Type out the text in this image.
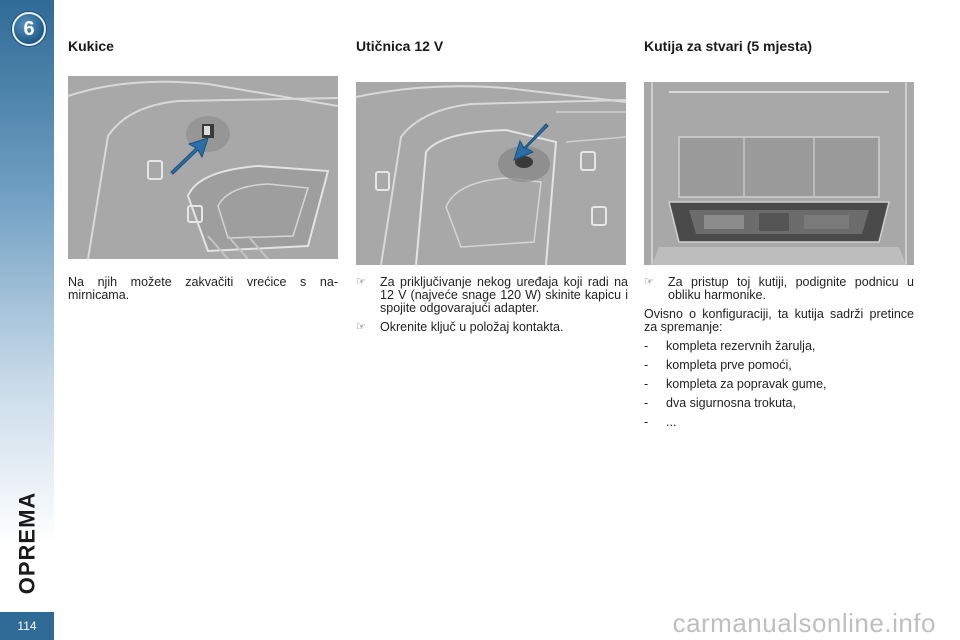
6
OPREMA
114
Kukice
Na njih možete zakvačiti vrećice s na-mirnicama.
Utičnica 12 V
☞	Za priključivanje nekog uređaja koji radi na 12 V (najveće snage 120 W) skinite kapicu i spojite odgovarajući adapter.
☞	Okrenite ključ u položaj kontakta.
Kutija za stvari (5 mjesta)
☞	Za pristup toj kutiji, podignite podnicu u obliku harmonike.
Ovisno o konfiguraciji, ta kutija sadrži pretince za spremanje:
-	kompleta rezervnih žarulja,
-	kompleta prve pomoći,
-	kompleta za popravak gume,
-	dva sigurnosna trokuta,
-	...
carmanualsonline.info
